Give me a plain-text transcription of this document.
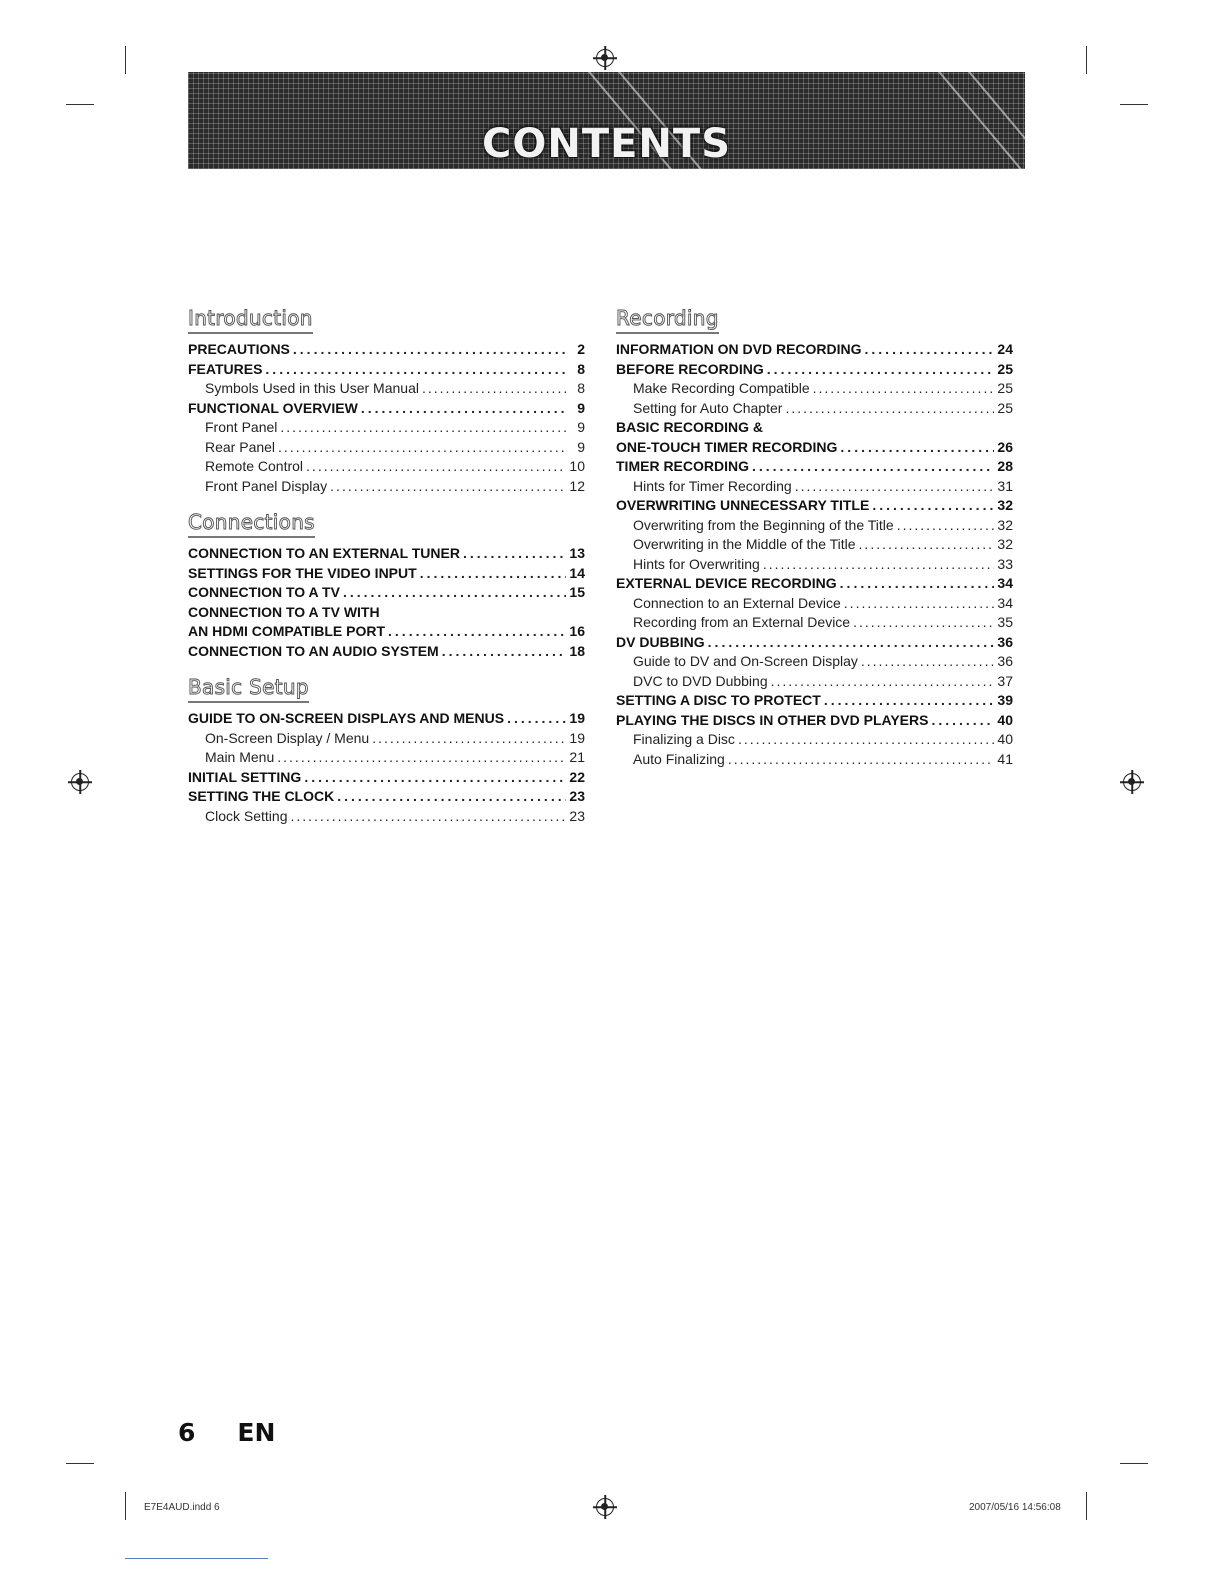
CONTENTS
Introduction
PRECAUTIONS .....	2
FEATURES .....	8
Symbols Used in this User Manual .....	8
FUNCTIONAL OVERVIEW .....	9
Front Panel .....	9
Rear Panel .....	9
Remote Control .....	10
Front Panel Display .....	12
Connections
CONNECTION TO AN EXTERNAL TUNER .....	13
SETTINGS FOR THE VIDEO INPUT .....	14
CONNECTION TO A TV .....	15
CONNECTION TO A TV WITH
AN HDMI COMPATIBLE PORT .....	16
CONNECTION TO AN AUDIO SYSTEM .....	18
Basic Setup
GUIDE TO ON-SCREEN DISPLAYS AND MENUS .....	19
On-Screen Display / Menu .....	19
Main Menu .....	21
INITIAL SETTING .....	22
SETTING THE CLOCK .....	23
Clock Setting .....	23
Recording
INFORMATION ON DVD RECORDING .....	24
BEFORE RECORDING .....	25
Make Recording Compatible .....	25
Setting for Auto Chapter .....	25
BASIC RECORDING &
ONE-TOUCH TIMER RECORDING .....	26
TIMER RECORDING .....	28
Hints for Timer Recording .....	31
OVERWRITING UNNECESSARY TITLE .....	32
Overwriting from the Beginning of the Title .....	32
Overwriting in the Middle of the Title .....	32
Hints for Overwriting .....	33
EXTERNAL DEVICE RECORDING .....	34
Connection to an External Device .....	34
Recording from an External Device .....	35
DV DUBBING .....	36
Guide to DV and On-Screen Display .....	36
DVC to DVD Dubbing .....	37
SETTING A DISC TO PROTECT .....	39
PLAYING THE DISCS IN OTHER DVD PLAYERS .....	40
Finalizing a Disc .....	40
Auto Finalizing .....	41
6 EN
E7E4AUD.indd 6	2007/05/16 14:56:08
